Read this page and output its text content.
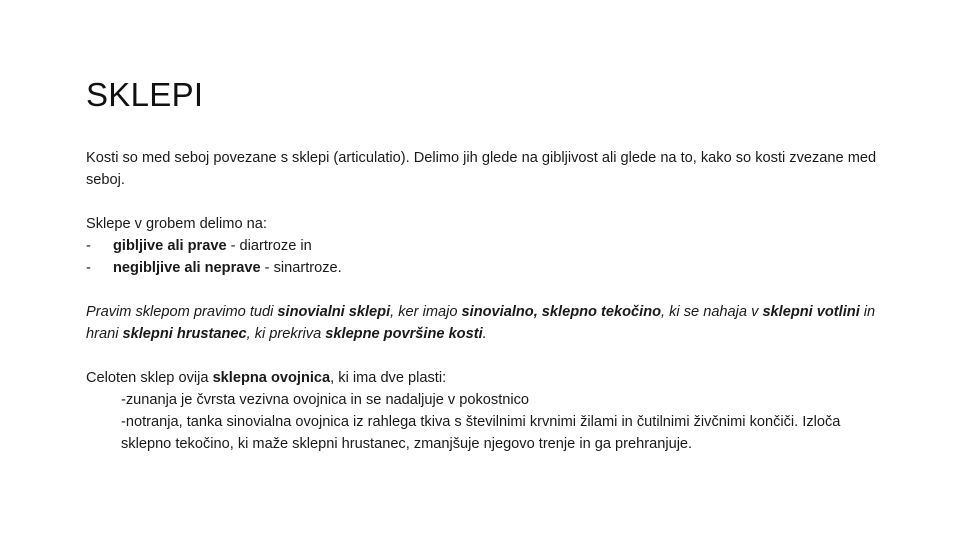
SKLEPI

Kosti so med seboj povezane s sklepi (articulatio). Delimo jih glede na gibljivost ali glede na to, kako so kosti zvezane med seboj.

Sklepe v grobem delimo na:

-	gibljive ali prave - diartroze in
-	negibljive ali neprave - sinartroze.

Pravim sklepom pravimo tudi sinovialni sklepi, ker imajo sinovialno, sklepno tekočino, ki se nahaja v sklepni votlini in hrani sklepni hrustanec, ki prekriva sklepne površine kosti.

Celoten sklep ovija sklepna ovojnica, ki ima dve plasti:

-zunanja je čvrsta vezivna ovojnica in se nadaljuje v pokostnico

-notranja, tanka sinovialna ovojnica iz rahlega tkiva s številnimi krvnimi žilami in čutilnimi živčnimi končiči. Izloča sklepno tekočino, ki maže sklepni hrustanec, zmanjšuje njegovo trenje in ga prehranjuje.
